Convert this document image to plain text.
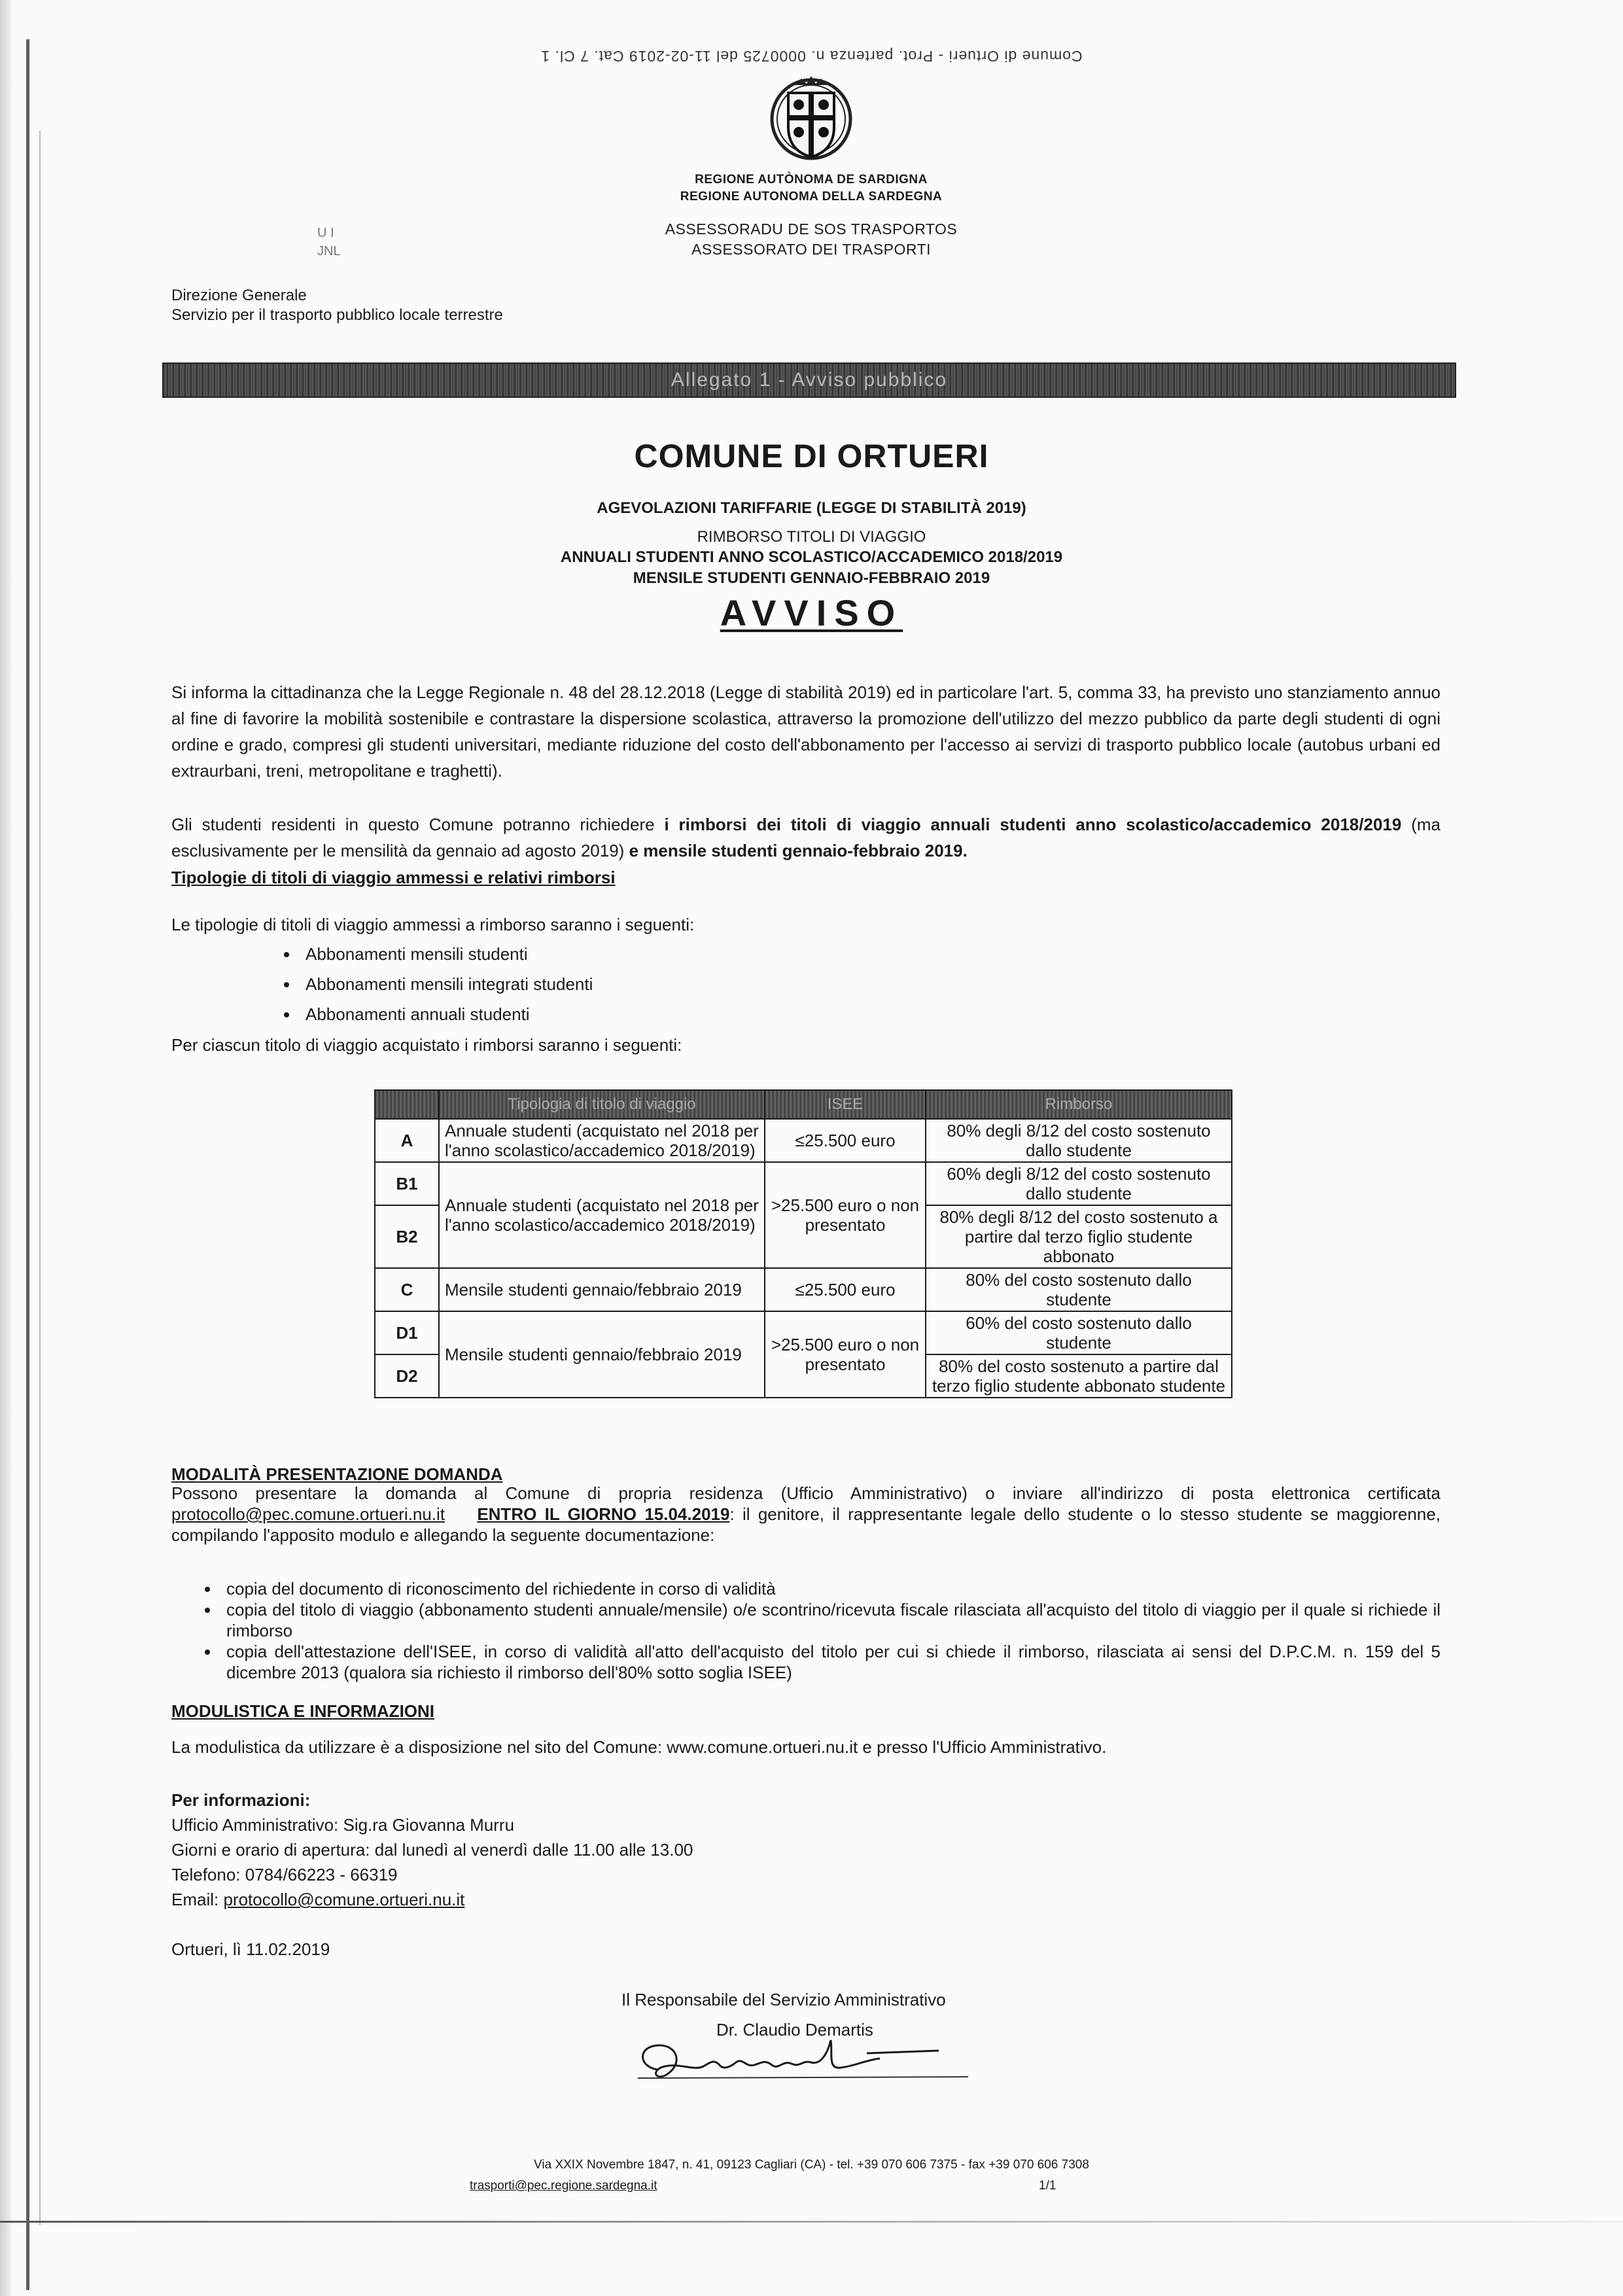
Comune di Ortueri - Prot. partenza n. 0000725 del 11-02-2019 Cat. 7 Cl. 1
REGIONE AUTÒNOMA DE SARDIGNA
REGIONE AUTONOMA DELLA SARDEGNA
ASSESSORADU DE SOS TRASPORTOS
ASSESSORATO DEI TRASPORTI
U I
JNL
Direzione Generale
Servizio per il trasporto pubblico locale terrestre
Allegato 1 - Avviso pubblico
COMUNE DI ORTUERI
AGEVOLAZIONI TARIFFARIE (LEGGE DI STABILITÀ 2019)
RIMBORSO TITOLI DI VIAGGIO
ANNUALI STUDENTI ANNO SCOLASTICO/ACCADEMICO 2018/2019
MENSILE STUDENTI GENNAIO-FEBBRAIO 2019
AVVISO
Si informa la cittadinanza che la Legge Regionale n. 48 del 28.12.2018 (Legge di stabilità 2019) ed in particolare l'art. 5, comma 33, ha previsto uno stanziamento annuo al fine di favorire la mobilità sostenibile e contrastare la dispersione scolastica, attraverso la promozione dell'utilizzo del mezzo pubblico da parte degli studenti di ogni ordine e grado, compresi gli studenti universitari, mediante riduzione del costo dell'abbonamento per l'accesso ai servizi di trasporto pubblico locale (autobus urbani ed extraurbani, treni, metropolitane e traghetti).
Gli studenti residenti in questo Comune potranno richiedere i rimborsi dei titoli di viaggio annuali studenti anno scolastico/accademico 2018/2019 (ma esclusivamente per le mensilità da gennaio ad agosto 2019) e mensile studenti gennaio-febbraio 2019.
Tipologie di titoli di viaggio ammessi e relativi rimborsi
Le tipologie di titoli di viaggio ammessi a rimborso saranno i seguenti:
• Abbonamenti mensili studenti
• Abbonamenti mensili integrati studenti
• Abbonamenti annuali studenti
Per ciascun titolo di viaggio acquistato i rimborsi saranno i seguenti:
	Tipologia di titolo di viaggio	ISEE	Rimborso
A	Annuale studenti (acquistato nel 2018 per l'anno scolastico/accademico 2018/2019)	≤25.500 euro	80% degli 8/12 del costo sostenuto dallo studente
B1	Annuale studenti (acquistato nel 2018 per l'anno scolastico/accademico 2018/2019)	>25.500 euro o non presentato	60% degli 8/12 del costo sostenuto dallo studente
B2			80% degli 8/12 del costo sostenuto a partire dal terzo figlio studente abbonato
C	Mensile studenti gennaio/febbraio 2019	≤25.500 euro	80% del costo sostenuto dallo studente
D1	Mensile studenti gennaio/febbraio 2019	>25.500 euro o non presentato	60% del costo sostenuto dallo studente
D2			80% del costo sostenuto a partire dal terzo figlio studente abbonato studente
MODALITÀ PRESENTAZIONE DOMANDA
Possono presentare la domanda al Comune di propria residenza (Ufficio Amministrativo) o inviare all'indirizzo di posta elettronica certificata protocollo@pec.comune.ortueri.nu.it ENTRO IL GIORNO 15.04.2019: il genitore, il rappresentante legale dello studente o lo stesso studente se maggiorenne, compilando l'apposito modulo e allegando la seguente documentazione:
• copia del documento di riconoscimento del richiedente in corso di validità
• copia del titolo di viaggio (abbonamento studenti annuale/mensile) o/e scontrino/ricevuta fiscale rilasciata all'acquisto del titolo di viaggio per il quale si richiede il rimborso
• copia dell'attestazione dell'ISEE, in corso di validità all'atto dell'acquisto del titolo per cui si chiede il rimborso, rilasciata ai sensi del D.P.C.M. n. 159 del 5 dicembre 2013 (qualora sia richiesto il rimborso dell'80% sotto soglia ISEE)
MODULISTICA E INFORMAZIONI
La modulistica da utilizzare è a disposizione nel sito del Comune: www.comune.ortueri.nu.it e presso l'Ufficio Amministrativo.
Per informazioni:
Ufficio Amministrativo: Sig.ra Giovanna Murru
Giorni e orario di apertura: dal lunedì al venerdì dalle 11.00 alle 13.00
Telefono: 0784/66223 - 66319
Email: protocollo@comune.ortueri.nu.it
Ortueri, lì 11.02.2019
Il Responsabile del Servizio Amministrativo
Dr. Claudio Demartis
Via XXIX Novembre 1847, n. 41, 09123 Cagliari (CA) - tel. +39 070 606 7375 - fax +39 070 606 7308
trasporti@pec.regione.sardegna.it	1/1
